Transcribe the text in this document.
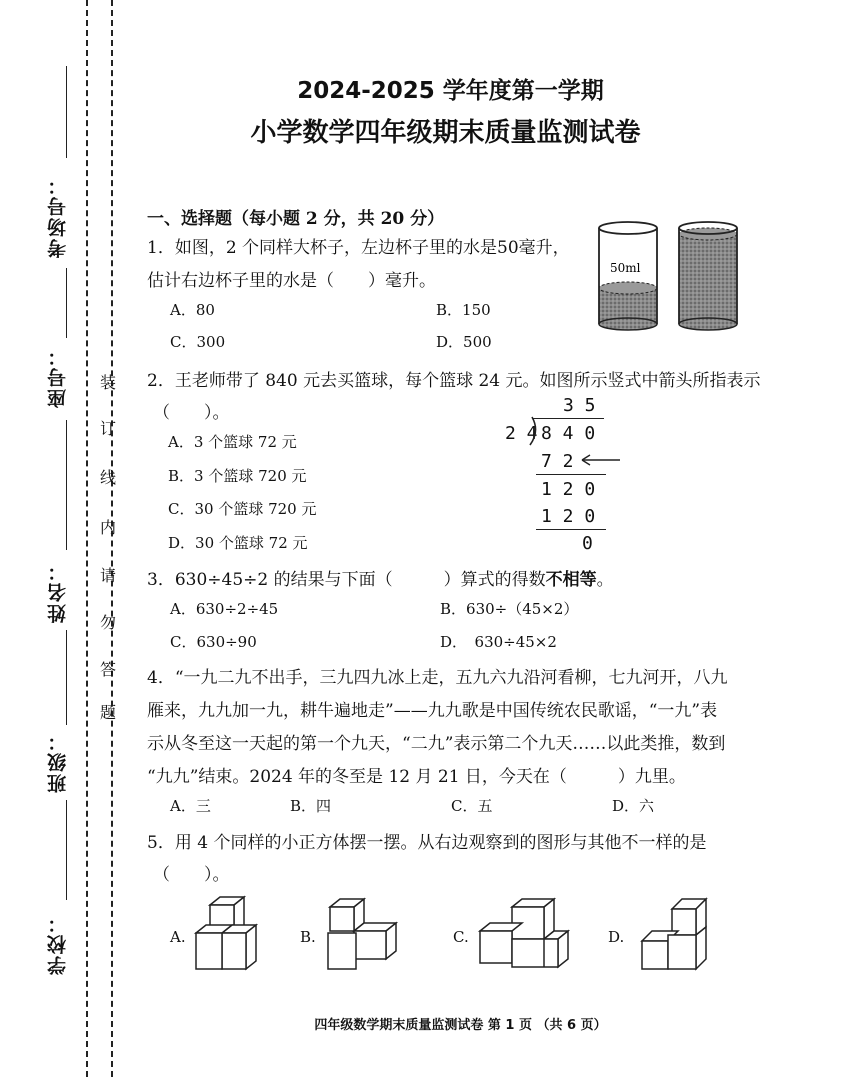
考场号：
座号：
姓名：
班级：
学校：
装
订
线
内
请
勿
答
题
2024-2025 学年度第一学期
小学数学四年级期末质量监测试卷
一、选择题（每小题 2 分，共 20 分）
1．如图，2 个同样大杯子，左边杯子里的水是50毫升，
估计右边杯子里的水是（　　）毫升。
A．80	B．150
C．300	D．500
50ml
2．王老师带了 840 元去买篮球，每个篮球 24 元。如图所示竖式中箭头所指表示
（　　）。
A．3 个篮球 72 元
B．3 个篮球 720 元
C．30 个篮球 720 元
D．30 个篮球 72 元
3 5
2 4 8 4 0
7 2
1 2 0
1 2 0
0
3．630÷45÷2 的结果与下面（　　　）算式的得数不相等。
A．630÷2÷45	B．630÷（45×2）
C．630÷90	D．　630÷45×2
4．“一九二九不出手，三九四九冰上走，五九六九沿河看柳，七九河开，八九
雁来，九九加一九，耕牛遍地走”——九九歌是中国传统农民歌谣，“一九”表
示从冬至这一天起的第一个九天，“二九”表示第二个九天……以此类推，数到
“九九”结束。2024 年的冬至是 12 月 21 日，今天在（　　　）九里。
A．三	B．四	C．五	D．六
5．用 4 个同样的小正方体摆一摆。从右边观察到的图形与其他不一样的是
（　　）。
A.	B.	C.	D.
四年级数学期末质量监测试卷 第 1 页 （共 6 页）
